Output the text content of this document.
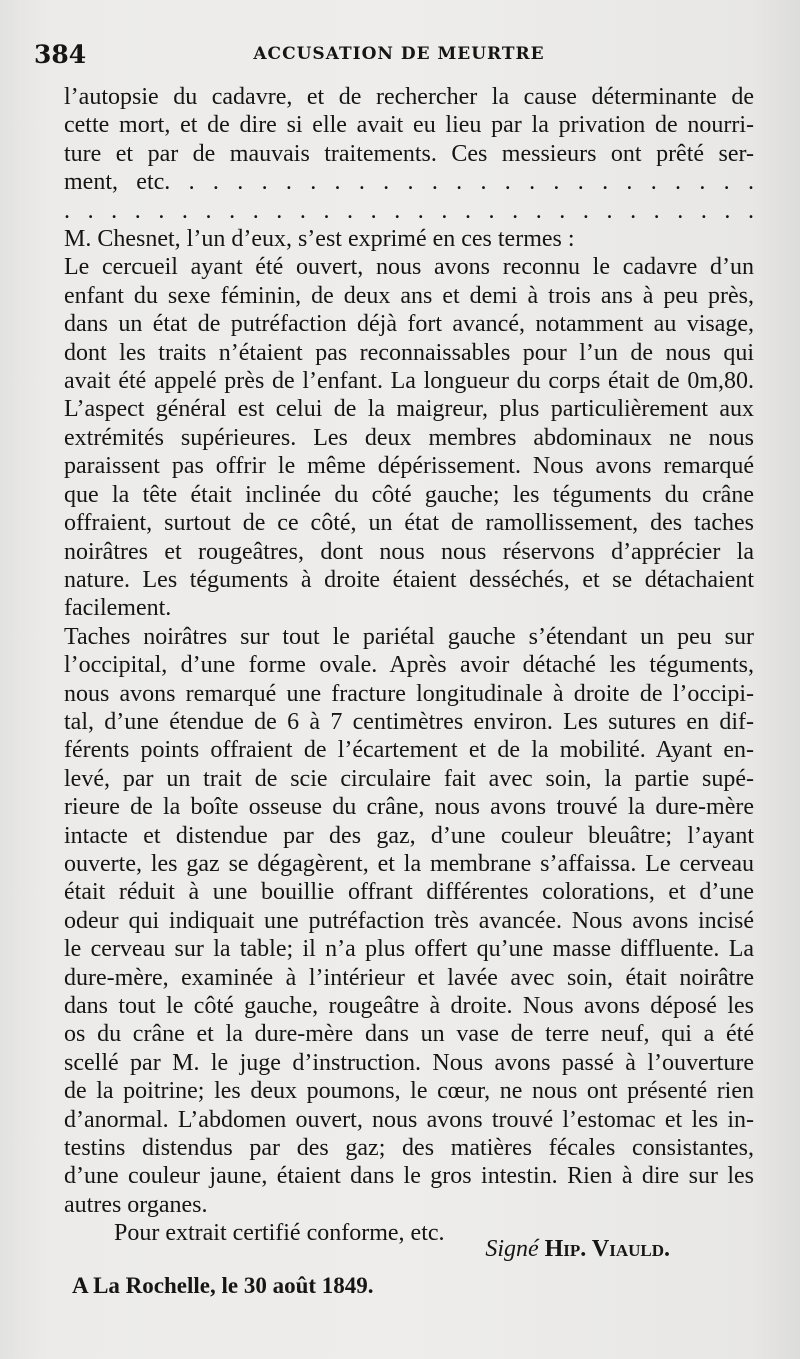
384	ACCUSATION DE MEURTRE

l’autopsie du cadavre, et de rechercher la cause déterminante de
cette mort, et de dire si elle avait eu lieu par la privation de nourri-
ture et par de mauvais traitements. Ces messieurs ont prêté ser-
ment, etc. . . . . . . . . . . . . . . . . . . . . . . . .
. . . . . . . . . . . . . . . . . . . . . . . . . . . . . .

M. Chesnet, l’un d’eux, s’est exprimé en ces termes :

Le cercueil ayant été ouvert, nous avons reconnu le cadavre d’un
enfant du sexe féminin, de deux ans et demi à trois ans à peu près,
dans un état de putréfaction déjà fort avancé, notamment au visage,
dont les traits n’étaient pas reconnaissables pour l’un de nous qui
avait été appelé près de l’enfant. La longueur du corps était de 0m,80.
L’aspect général est celui de la maigreur, plus particulièrement aux
extrémités supérieures. Les deux membres abdominaux ne nous
paraissent pas offrir le même dépérissement. Nous avons remarqué
que la tête était inclinée du côté gauche; les téguments du crâne
offraient, surtout de ce côté, un état de ramollissement, des taches
noirâtres et rougeâtres, dont nous nous réservons d’apprécier la
nature. Les téguments à droite étaient desséchés, et se détachaient
facilement.

Taches noirâtres sur tout le pariétal gauche s’étendant un peu sur
l’occipital, d’une forme ovale. Après avoir détaché les téguments,
nous avons remarqué une fracture longitudinale à droite de l’occipi-
tal, d’une étendue de 6 à 7 centimètres environ. Les sutures en dif-
férents points offraient de l’écartement et de la mobilité. Ayant en-
levé, par un trait de scie circulaire fait avec soin, la partie supé-
rieure de la boîte osseuse du crâne, nous avons trouvé la dure-mère
intacte et distendue par des gaz, d’une couleur bleuâtre; l’ayant
ouverte, les gaz se dégagèrent, et la membrane s’affaissa. Le cerveau
était réduit à une bouillie offrant différentes colorations, et d’une
odeur qui indiquait une putréfaction très avancée. Nous avons incisé
le cerveau sur la table; il n’a plus offert qu’une masse diffluente. La
dure-mère, examinée à l’intérieur et lavée avec soin, était noirâtre
dans tout le côté gauche, rougeâtre à droite. Nous avons déposé les
os du crâne et la dure-mère dans un vase de terre neuf, qui a été
scellé par M. le juge d’instruction. Nous avons passé à l’ouverture
de la poitrine; les deux poumons, le cœur, ne nous ont présenté rien
d’anormal. L’abdomen ouvert, nous avons trouvé l’estomac et les in-
testins distendus par des gaz; des matières fécales consistantes,
d’une couleur jaune, étaient dans le gros intestin. Rien à dire sur les
autres organes.

Pour extrait certifié conforme, etc.

Signé Hip. Viauld.
A La Rochelle, le 30 août 1849.
